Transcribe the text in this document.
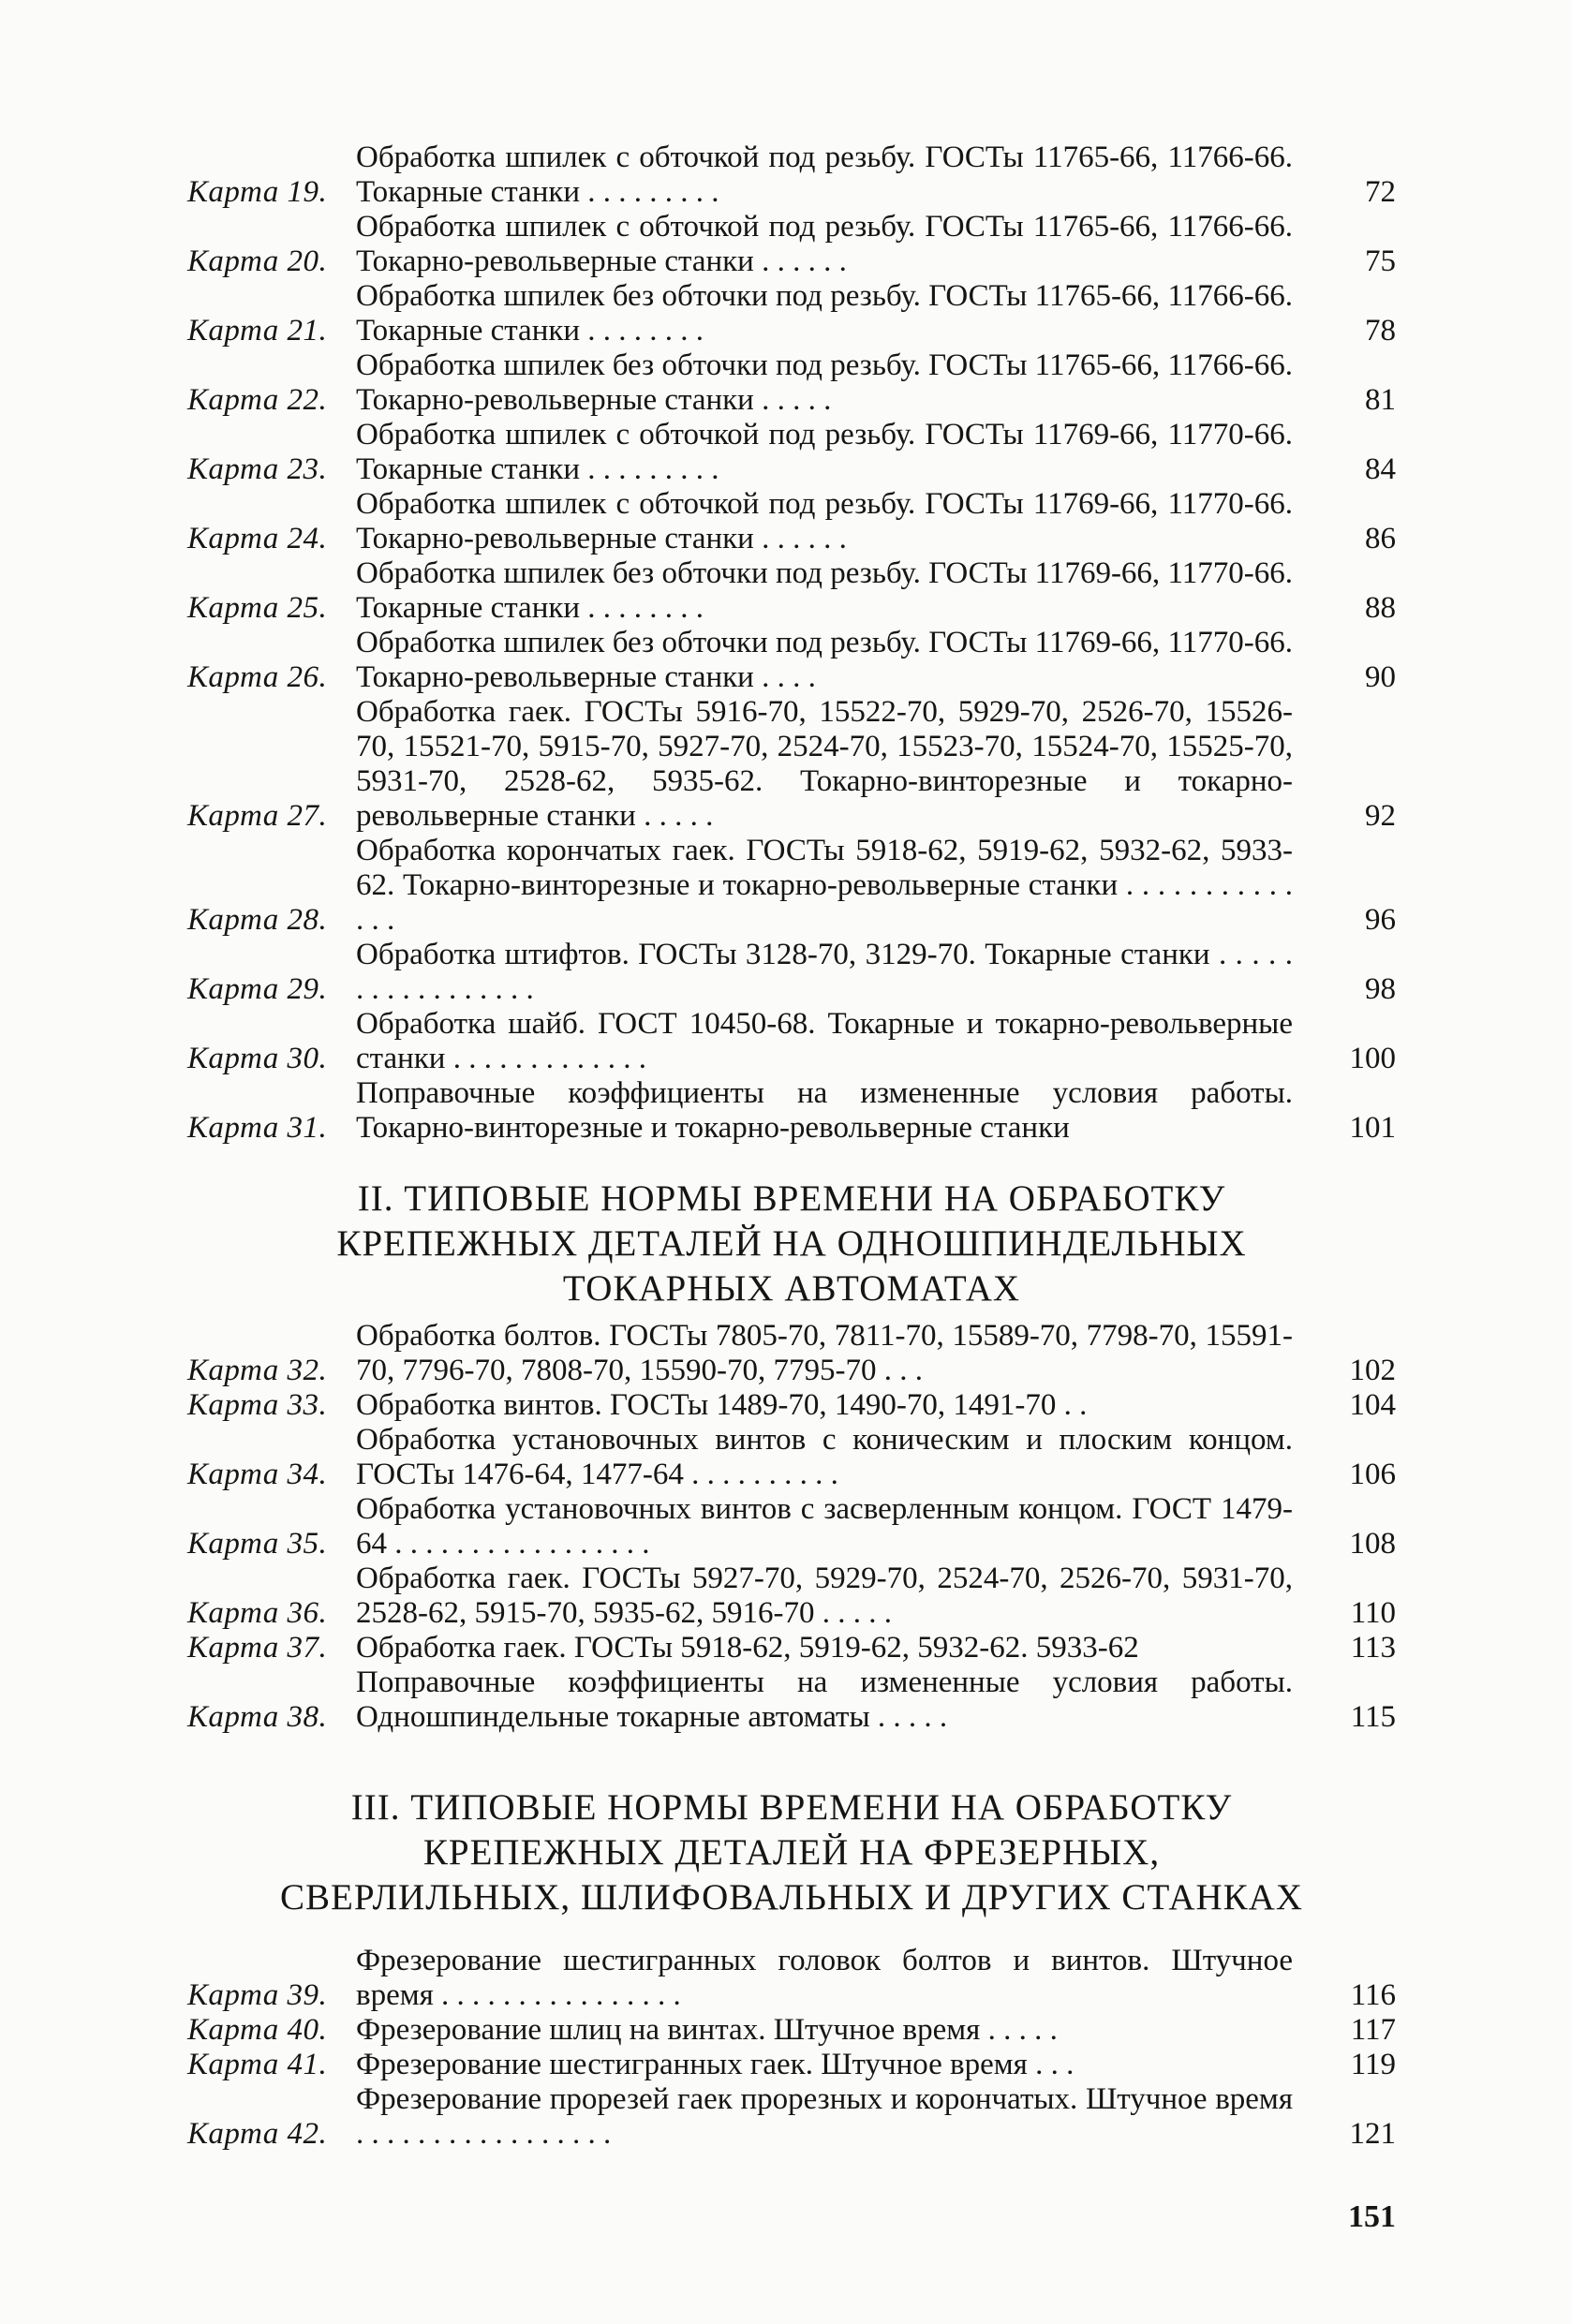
Карта 19.
Обработка шпилек с обточкой под резьбу. ГОСТы 11765-66, 11766-66. Токарные станки . . . . . . . . .	72
Карта 20.
Обработка шпилек с обточкой под резьбу. ГОСТы 11765-66, 11766-66. Токарно-револьверные станки . . . . . .	75
Карта 21.
Обработка шпилек без обточки под резьбу. ГОСТы 11765-66, 11766-66. Токарные станки . . . . . . . .	78
Карта 22.
Обработка шпилек без обточки под резьбу. ГОСТы 11765-66, 11766-66. Токарно-револьверные станки . . . . .	81
Карта 23.
Обработка шпилек с обточкой под резьбу. ГОСТы 11769-66, 11770-66. Токарные станки . . . . . . . . .	84
Карта 24.
Обработка шпилек с обточкой под резьбу. ГОСТы 11769-66, 11770-66. Токарно-револьверные станки . . . . . .	86
Карта 25.
Обработка шпилек без обточки под резьбу. ГОСТы 11769-66, 11770-66. Токарные станки . . . . . . . .	88
Карта 26.
Обработка шпилек без обточки под резьбу. ГОСТы 11769-66, 11770-66. Токарно-револьверные станки . . . .	90
Карта 27.
Обработка гаек. ГОСТы 5916-70, 15522-70, 5929-70, 2526-70, 15526-70, 15521-70, 5915-70, 5927-70, 2524-70, 15523-70, 15524-70, 15525-70, 5931-70, 2528-62, 5935-62. Токарно-винторезные и токарно-револьверные станки . . . . .	92
Карта 28.
Обработка корончатых гаек. ГОСТы 5918-62, 5919-62, 5932-62, 5933-62. Токарно-винторезные и токарно-револьверные станки . . . . . . . . . . . . . .	96
Карта 29.
Обработка штифтов. ГОСТы 3128-70, 3129-70. Токарные станки . . . . . . . . . . . . . . . . .	98
Карта 30.
Обработка шайб. ГОСТ 10450-68. Токарные и токарно-револьверные станки . . . . . . . . . . . . .	100
Карта 31.
Поправочные коэффициенты на измененные условия работы. Токарно-винторезные и токарно-револьверные станки	101
II. ТИПОВЫЕ НОРМЫ ВРЕМЕНИ НА ОБРАБОТКУ
КРЕПЕЖНЫХ ДЕТАЛЕЙ НА ОДНОШПИНДЕЛЬНЫХ
ТОКАРНЫХ АВТОМАТАХ
Карта 32.
Обработка болтов. ГОСТы 7805-70, 7811-70, 15589-70, 7798-70, 15591-70, 7796-70, 7808-70, 15590-70, 7795-70 . . .	102
Карта 33. Обработка винтов. ГОСТы 1489-70, 1490-70, 1491-70 . .	104
Карта 34.
Обработка установочных винтов с коническим и плоским концом. ГОСТы 1476-64, 1477-64 . . . . . . . . . .	106
Карта 35.
Обработка установочных винтов с засверленным концом. ГОСТ 1479-64 . . . . . . . . . . . . . . . . .	108
Карта 36.
Обработка гаек. ГОСТы 5927-70, 5929-70, 2524-70, 2526-70, 5931-70, 2528-62, 5915-70, 5935-62, 5916-70 . . . . .	110
Карта 37. Обработка гаек. ГОСТы 5918-62, 5919-62, 5932-62. 5933-62	113
Карта 38.
Поправочные коэффициенты на измененные условия работы. Одношпиндельные токарные автоматы . . . . .	115
III. ТИПОВЫЕ НОРМЫ ВРЕМЕНИ НА ОБРАБОТКУ
КРЕПЕЖНЫХ ДЕТАЛЕЙ НА ФРЕЗЕРНЫХ,
СВЕРЛИЛЬНЫХ, ШЛИФОВАЛЬНЫХ И ДРУГИХ СТАНКАХ
Карта 39.
Фрезерование шестигранных головок болтов и винтов. Штучное время . . . . . . . . . . . . . . . .	116
Карта 40. Фрезерование шлиц на винтах. Штучное время . . . . .	117
Карта 41. Фрезерование шестигранных гаек. Штучное время . . .	119
Карта 42.
Фрезерование прорезей гаек прорезных и корончатых. Штучное время . . . . . . . . . . . . . . . . .	121
151
